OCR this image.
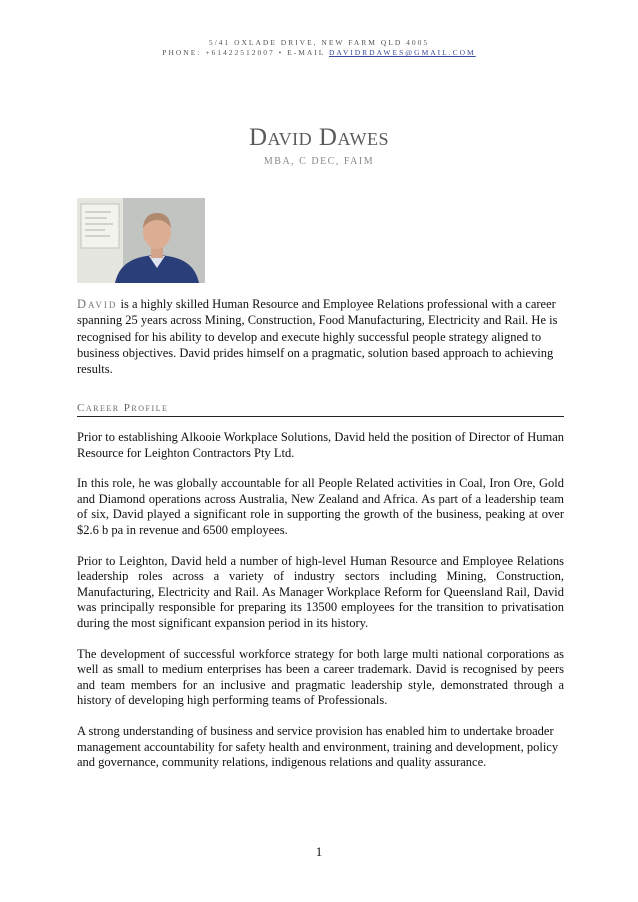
5/41 OXLADE DRIVE, NEW FARM QLD 4005
PHONE: +61422512007 • E-MAIL DAVIDRDAWES@GMAIL.COM
David Dawes
MBA, C DEC, FAIM
David is a highly skilled Human Resource and Employee Relations professional with a career spanning 25 years across Mining, Construction, Food Manufacturing, Electricity and Rail. He is recognised for his ability to develop and execute highly successful people strategy aligned to business objectives. David prides himself on a pragmatic, solution based approach to achieving results.
Career Profile

Prior to establishing Alkooie Workplace Solutions, David held the position of Director of Human Resource for Leighton Contractors Pty Ltd.

In this role, he was globally accountable for all People Related activities in Coal, Iron Ore, Gold and Diamond operations across Australia, New Zealand and Africa. As part of a leadership team of six, David played a significant role in supporting the growth of the business, peaking at over $2.6 b pa in revenue and 6500 employees.

Prior to Leighton, David held a number of high-level Human Resource and Employee Relations leadership roles across a variety of industry sectors including Mining, Construction, Manufacturing, Electricity and Rail. As Manager Workplace Reform for Queensland Rail, David was principally responsible for preparing its 13500 employees for the transition to privatisation during the most significant expansion period in its history.

The development of successful workforce strategy for both large multi national corporations as well as small to medium enterprises has been a career trademark. David is recognised by peers and team members for an inclusive and pragmatic leadership style, demonstrated through a history of developing high performing teams of Professionals.

A strong understanding of business and service provision has enabled him to undertake broader management accountability for safety health and environment, training and development, policy and governance, community relations, indigenous relations and quality assurance.

1
